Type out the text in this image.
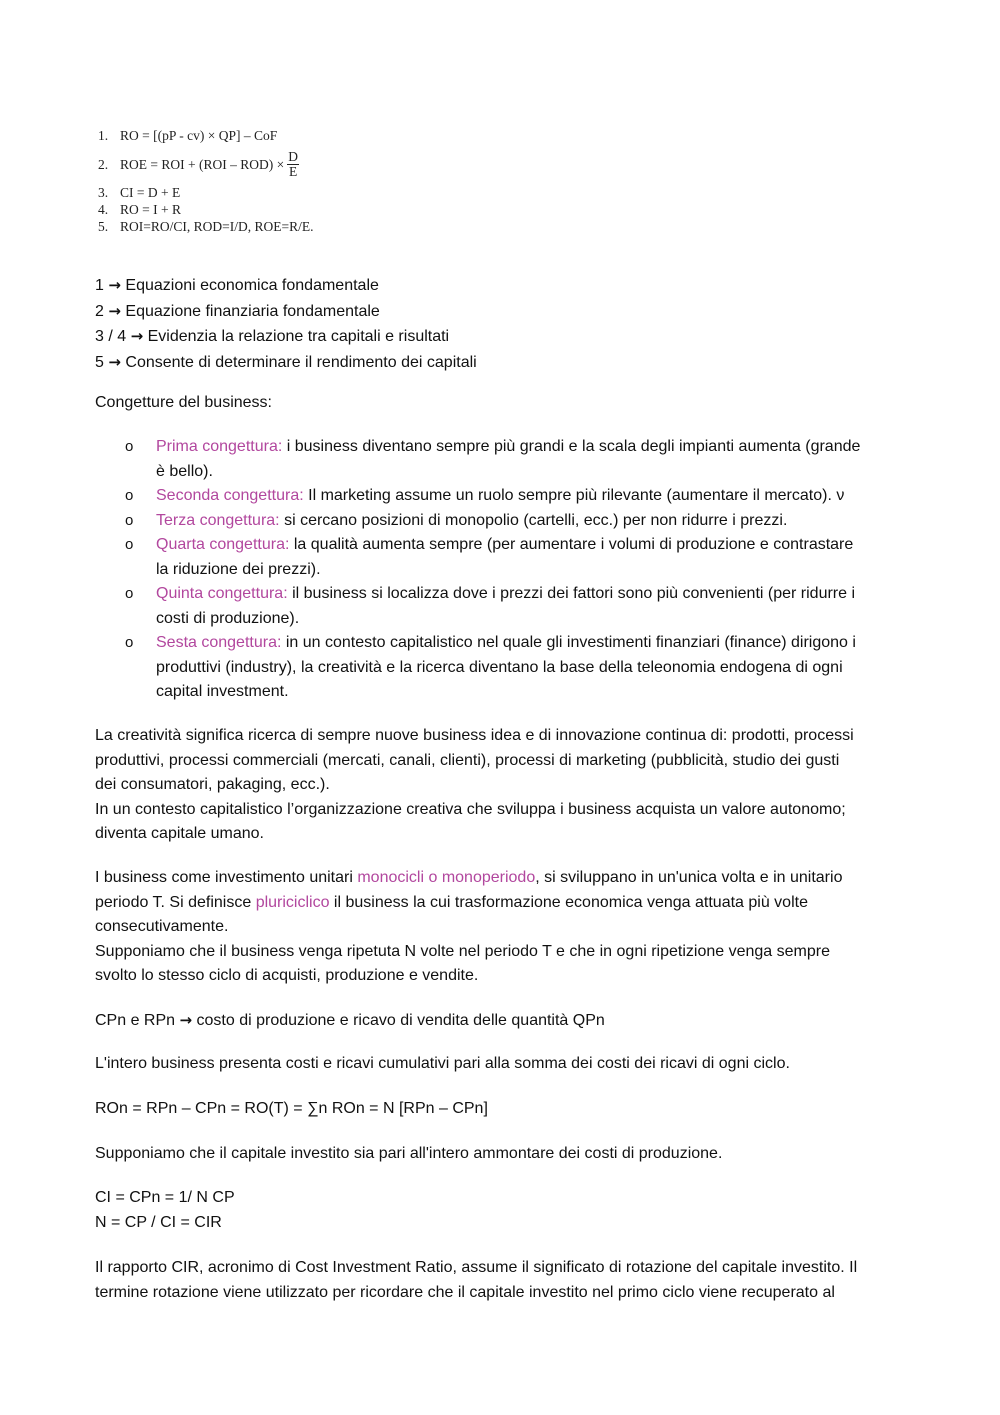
1. RO = [(pP - cv) × QP] – CoF
2. ROE = ROI + $(ROI - ROD) \times \frac{D}{E}$
3. CI = D + E
4. RO = I + R
5. ROI=RO/CI, ROD=I/D, ROE=R/E.
1 → Equazioni economica fondamentale
2 → Equazione finanziaria fondamentale
3 / 4 → Evidenzia la relazione tra capitali e risultati
5 → Consente di determinare il rendimento dei capitali
Congetture del business:
o Prima congettura: i business diventano sempre più grandi e la scala degli impianti aumenta (grande
è bello).
o Seconda congettura: Il marketing assume un ruolo sempre più rilevante (aumentare il mercato). ν
o Terza congettura: si cercano posizioni di monopolio (cartelli, ecc.) per non ridurre i prezzi.
o Quarta congettura: la qualità aumenta sempre (per aumentare i volumi di produzione e contrastare
la riduzione dei prezzi).
o Quinta congettura: il business si localizza dove i prezzi dei fattori sono più convenienti (per ridurre i
costi di produzione).
o Sesta congettura: in un contesto capitalistico nel quale gli investimenti finanziari (finance) dirigono i
produttivi (industry), la creatività e la ricerca diventano la base della teleonomia endogena di ogni
capital investment.
La creatività significa ricerca di sempre nuove business idea e di innovazione continua di: prodotti, processi
produttivi, processi commerciali (mercati, canali, clienti), processi di marketing (pubblicità, studio dei gusti
dei consumatori, pakaging, ecc.).
In un contesto capitalistico l’organizzazione creativa che sviluppa i business acquista un valore autonomo;
diventa capitale umano.
I business come investimento unitari monocicli o monoperiodo, si sviluppano in un'unica volta e in unitario
periodo T. Si definisce pluriciclico il business la cui trasformazione economica venga attuata più volte
consecutivamente.
Supponiamo che il business venga ripetuta N volte nel periodo T e che in ogni ripetizione venga sempre
svolto lo stesso ciclo di acquisti, produzione e vendite.
CPn e RPn → costo di produzione e ricavo di vendita delle quantità QPn
L'intero business presenta costi e ricavi cumulativi pari alla somma dei costi dei ricavi di ogni ciclo.
ROn = RPn – CPn = RO(T) = ∑n ROn = N [RPn – CPn]
Supponiamo che il capitale investito sia pari all'intero ammontare dei costi di produzione.
CI = CPn = 1/ N CP
N = CP / CI = CIR
Il rapporto CIR, acronimo di Cost Investment Ratio, assume il significato di rotazione del capitale investito. Il
termine rotazione viene utilizzato per ricordare che il capitale investito nel primo ciclo viene recuperato al
